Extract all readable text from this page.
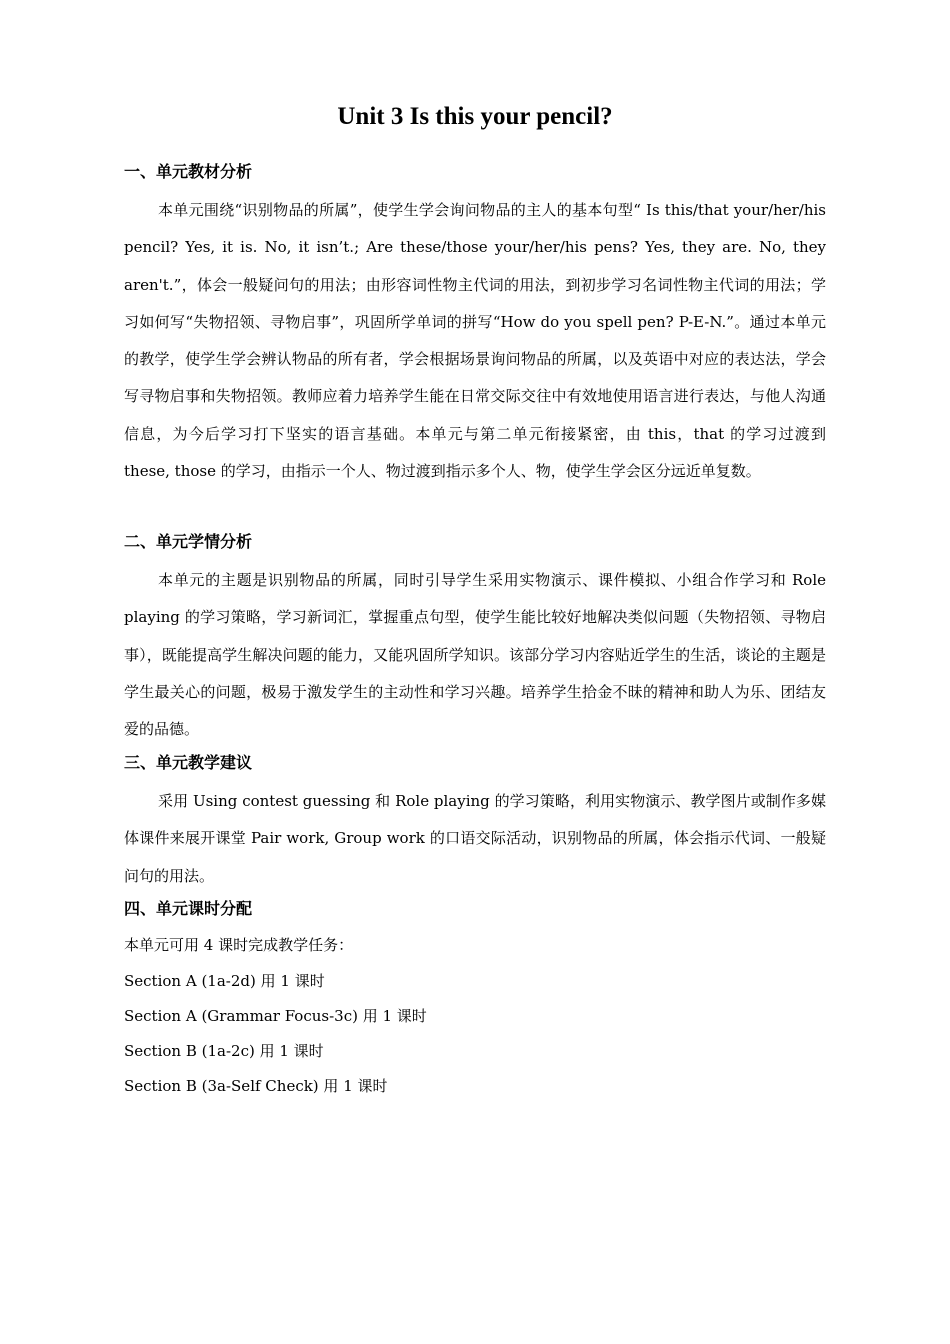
Unit 3 Is this your pencil?
一、单元教材分析
本单元围绕“识别物品的所属”，使学生学会询问物品的主人的基本句型“ Is this/that your/her/his pencil? Yes, it is. No, it isn’t.; Are these/those your/her/his pens? Yes, they are. No, they aren't.”，体会一般疑问句的用法；由形容词性物主代词的用法，到初步学习名词性物主代词的用法；学习如何写“失物招领、寻物启事”，巩固所学单词的拼写“How do you spell pen? P-E-N.”。通过本单元的教学，使学生学会辨认物品的所有者，学会根据场景询问物品的所属，以及英语中对应的表达法，学会写寻物启事和失物招领。教师应着力培养学生能在日常交际交往中有效地使用语言进行表达，与他人沟通信息，为今后学习打下坚实的语言基础。本单元与第二单元衔接紧密，由 this，that 的学习过渡到 these, those 的学习，由指示一个人、物过渡到指示多个人、物，使学生学会区分远近单复数。
二、单元学情分析
本单元的主题是识别物品的所属，同时引导学生采用实物演示、课件模拟、小组合作学习和 Role playing 的学习策略，学习新词汇，掌握重点句型，使学生能比较好地解决类似问题（失物招领、寻物启事），既能提高学生解决问题的能力，又能巩固所学知识。该部分学习内容贴近学生的生活，谈论的主题是学生最关心的问题，极易于激发学生的主动性和学习兴趣。培养学生拾金不昧的精神和助人为乐、团结友爱的品德。
三、单元教学建议
采用 Using contest guessing 和 Role playing 的学习策略，利用实物演示、教学图片或制作多媒体课件来展开课堂 Pair work, Group work 的口语交际活动，识别物品的所属，体会指示代词、一般疑问句的用法。
四、单元课时分配
本单元可用 4 课时完成教学任务：
Section A (1a-2d) 用 1 课时
Section A (Grammar Focus-3c) 用 1 课时
Section B (1a-2c) 用 1 课时
Section B (3a-Self Check) 用 1 课时
